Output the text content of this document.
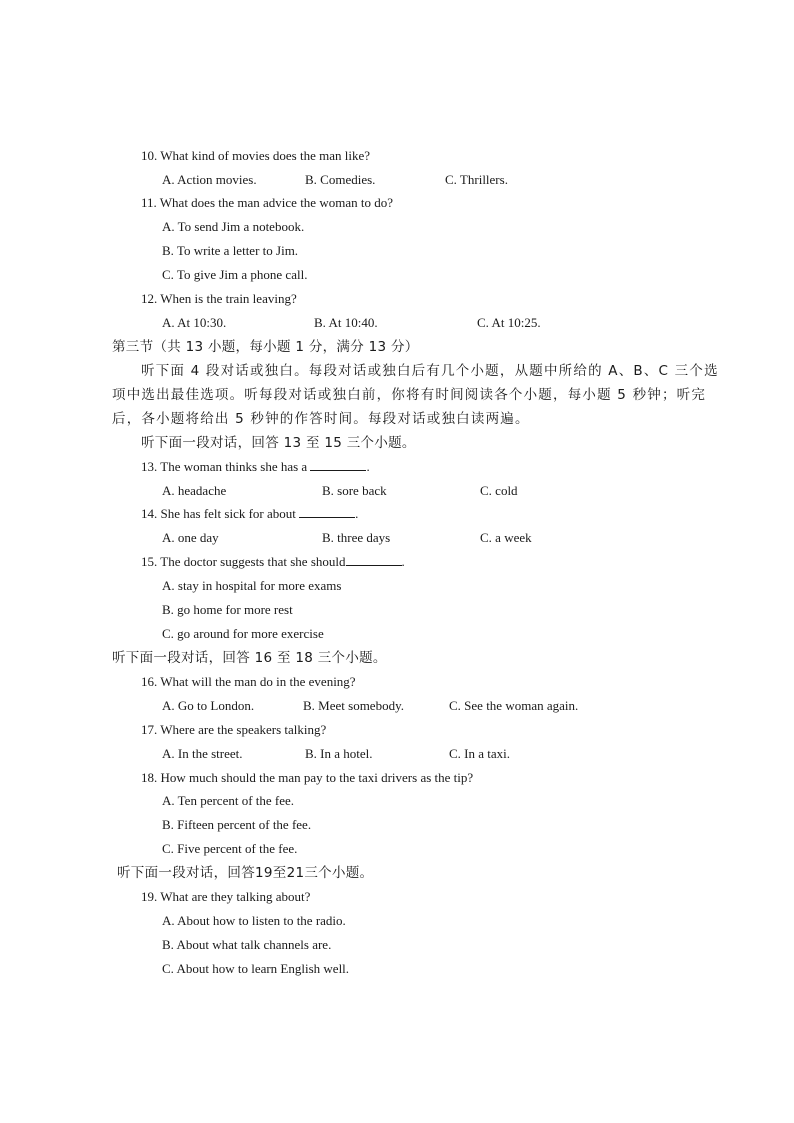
10. What kind of movies does the man like?
A. Action movies.	B. Comedies.	C. Thrillers.
11. What does the man advice the woman to do?
A. To send Jim a notebook.
B. To write a letter to Jim.
C. To give Jim a phone call.
12. When is the train leaving?
A. At 10:30.	B. At 10:40.	C. At 10:25.
第三节（共 13 小题，每小题 1 分，满分 13 分）
听下面 4 段对话或独白。每段对话或独白后有几个小题，从题中所给的 A、B、C 三个选
项中选出最佳选项。听每段对话或独白前，你将有时间阅读各个小题，每小题 5 秒钟；听完
后，各小题将给出 5 秒钟的作答时间。每段对话或独白读两遍。
听下面一段对话，回答 13 至 15 三个小题。
13. The woman thinks she has a	.
A. headache	B. sore back	C. cold
14. She has felt sick for about	.
A. one day	B. three days	C. a week
15. The doctor suggests that she should	.
A. stay in hospital for more exams
B. go home for more rest
C. go around for more exercise
听下面一段对话，回答 16 至 18 三个小题。
16. What will the man do in the evening?
A. Go to London.	B. Meet somebody.	C. See the woman again.
17. Where are the speakers talking?
A. In the street.	B. In a hotel.	C. In a taxi.
18. How much should the man pay to the taxi drivers as the tip?
A. Ten percent of the fee.
B. Fifteen percent of the fee.
C. Five percent of the fee.
听下面一段对话，回答19至21三个小题。
19. What are they talking about?
A. About how to listen to the radio.
B. About what talk channels are.
C. About how to learn English well.
